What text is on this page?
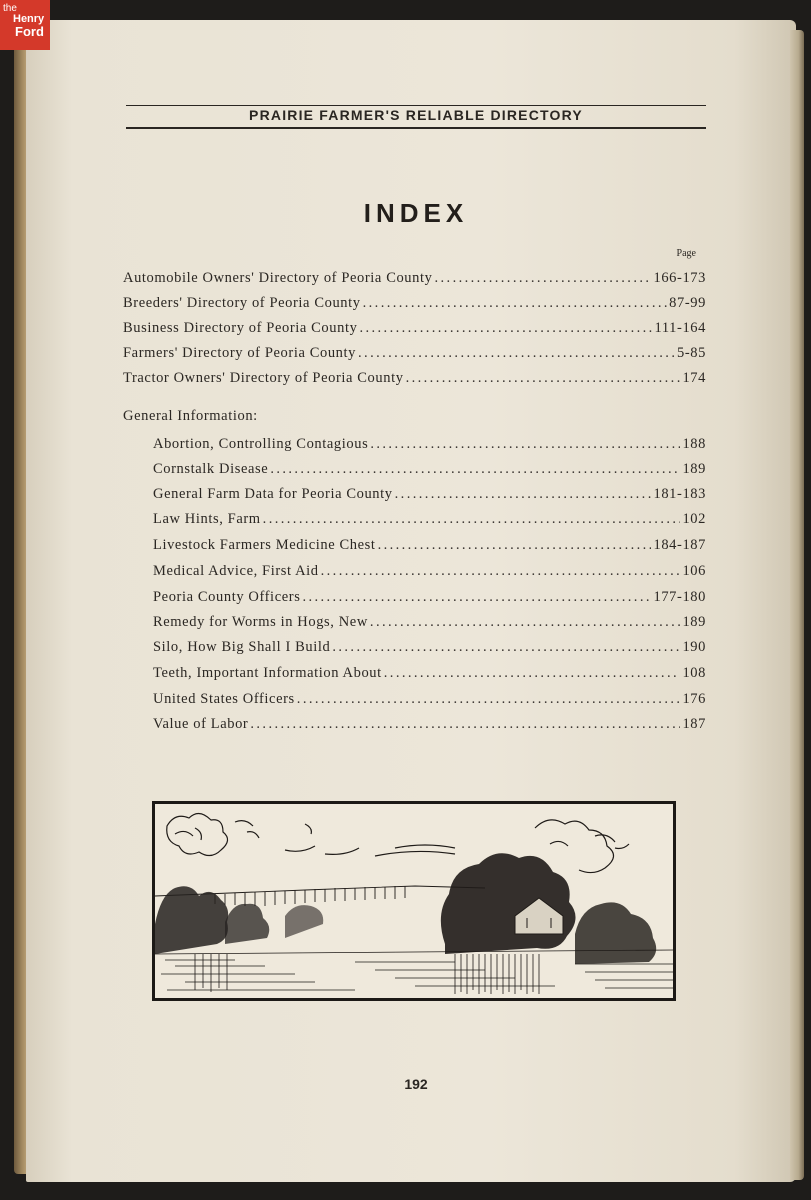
the
Henry
Ford
PRAIRIE FARMER'S RELIABLE DIRECTORY
INDEX
Page
Automobile Owners' Directory of Peoria County .....	166-173
Breeders' Directory of Peoria County .....	87-99
Business Directory of Peoria County .....	111-164
Farmers' Directory of Peoria County .....	5-85
Tractor Owners' Directory of Peoria County .....	174
General Information:
Abortion, Controlling Contagious .....	188
Cornstalk Disease .....	189
General Farm Data for Peoria County .....	181-183
Law Hints, Farm .....	102
Livestock Farmers Medicine Chest .....	184-187
Medical Advice, First Aid .....	106
Peoria County Officers .....	177-180
Remedy for Worms in Hogs, New .....	189
Silo, How Big Shall I Build .....	190
Teeth, Important Information About .....	108
United States Officers .....	176
Value of Labor .....	187
192
